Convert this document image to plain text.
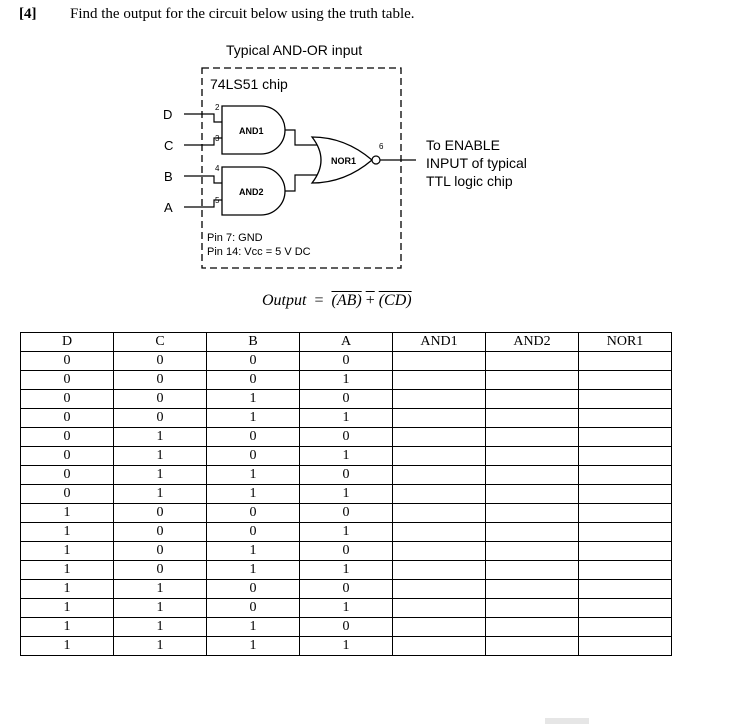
[4] Find the output for the circuit below using the truth table.
Typical AND-OR input
74LS51 chip
D
C
B
A
2
3
4
5
6
AND1
AND2
NOR1
To ENABLE
INPUT of typical
TTL logic chip
Pin 7: GND
Pin 14: Vcc = 5 V DC
Output = (AB) + (CD)
D	C	B	A	AND1	AND2	NOR1
0	0	0	0			
0	0	0	1			
0	0	1	0			
0	0	1	1			
0	1	0	0			
0	1	0	1			
0	1	1	0			
0	1	1	1			
1	0	0	0			
1	0	0	1			
1	0	1	0			
1	0	1	1			
1	1	0	0			
1	1	0	1			
1	1	1	0			
1	1	1	1			
